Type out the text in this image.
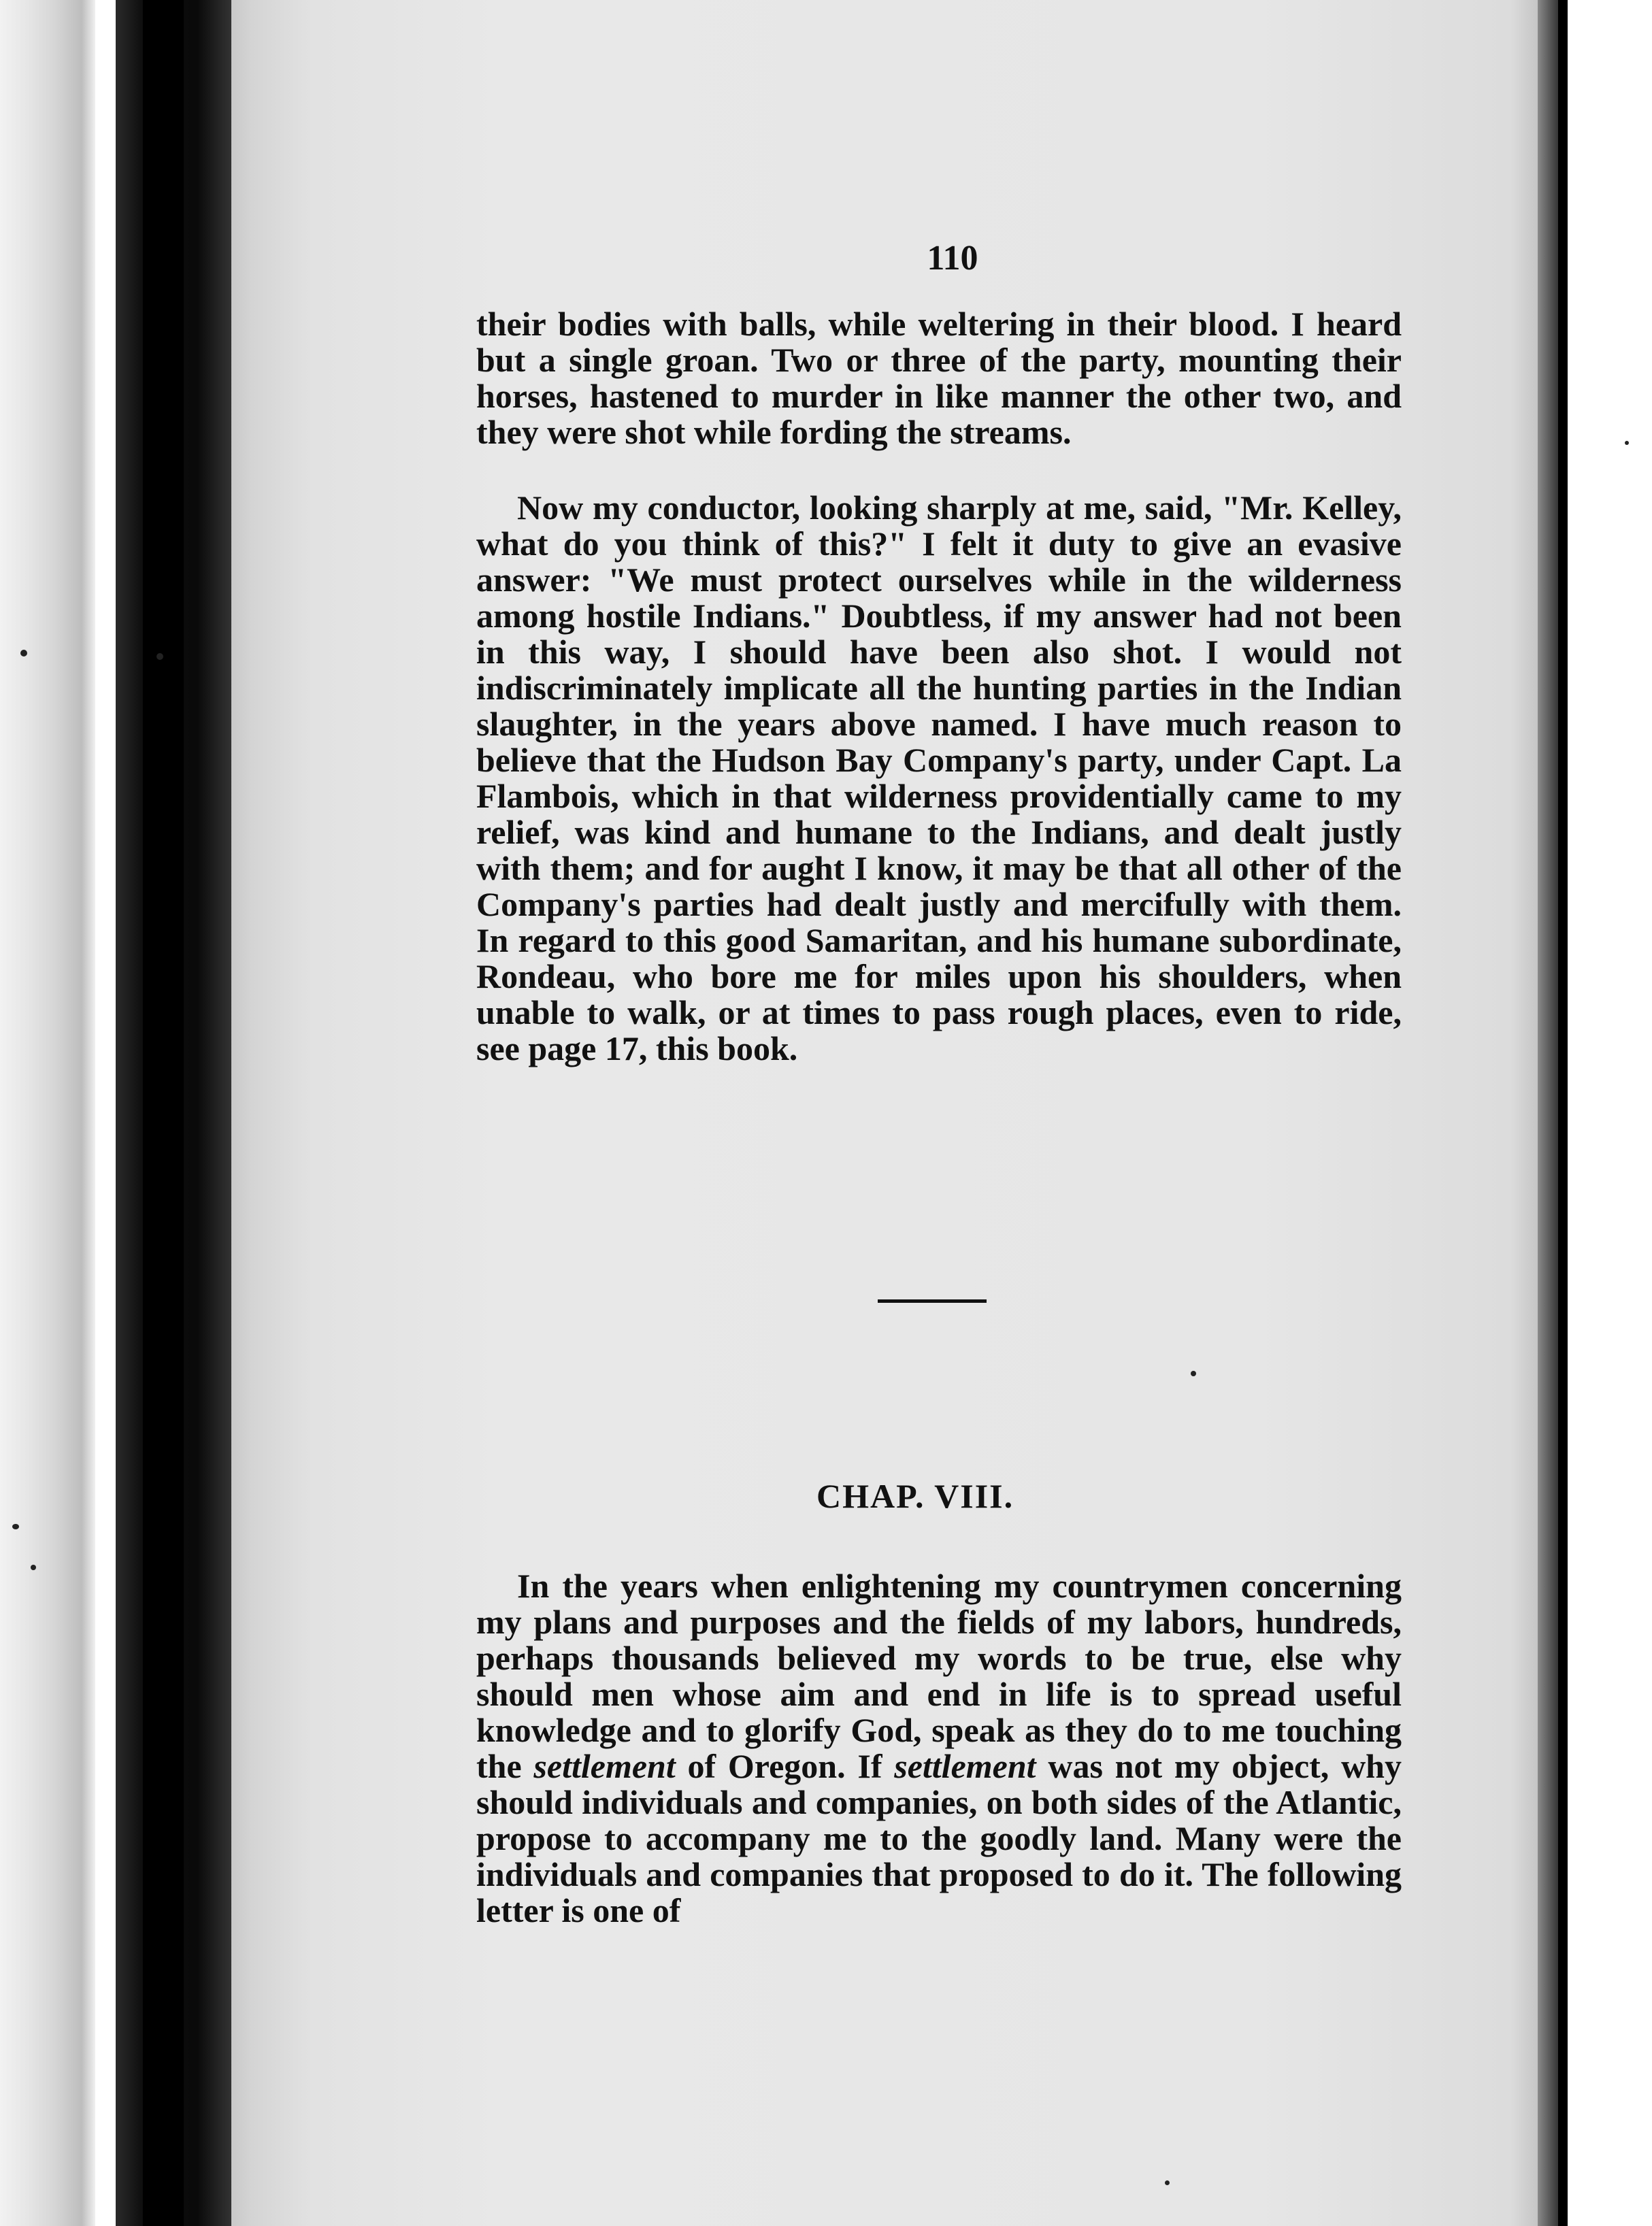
110

their bodies with balls, while weltering in their blood. I heard but a single groan. Two or three of the party, mounting their horses, hastened to murder in like manner the other two, and they were shot while fording the streams.

Now my conductor, looking sharply at me, said, "Mr. Kelley, what do you think of this?" I felt it duty to give an evasive answer: "We must protect ourselves while in the wilderness among hostile Indians." Doubtless, if my answer had not been in this way, I should have been also shot. I would not indiscriminately implicate all the hunting parties in the Indian slaughter, in the years above named. I have much reason to believe that the Hudson Bay Company's party, under Capt. La Flambois, which in that wilderness providentially came to my relief, was kind and humane to the Indians, and dealt justly with them; and for aught I know, it may be that all other of the Company's parties had dealt justly and mercifully with them. In regard to this good Samaritan, and his humane subordinate, Rondeau, who bore me for miles upon his shoulders, when unable to walk, or at times to pass rough places, even to ride, see page 17, this book.

CHAP. VIII.

In the years when enlightening my countrymen concerning my plans and purposes and the fields of my labors, hundreds, perhaps thousands believed my words to be true, else why should men whose aim and end in life is to spread useful knowledge and to glorify God, speak as they do to me touching the settlement of Oregon. If settlement was not my object, why should individuals and companies, on both sides of the Atlantic, propose to accompany me to the goodly land. Many were the individuals and companies that proposed to do it. The following letter is one of
